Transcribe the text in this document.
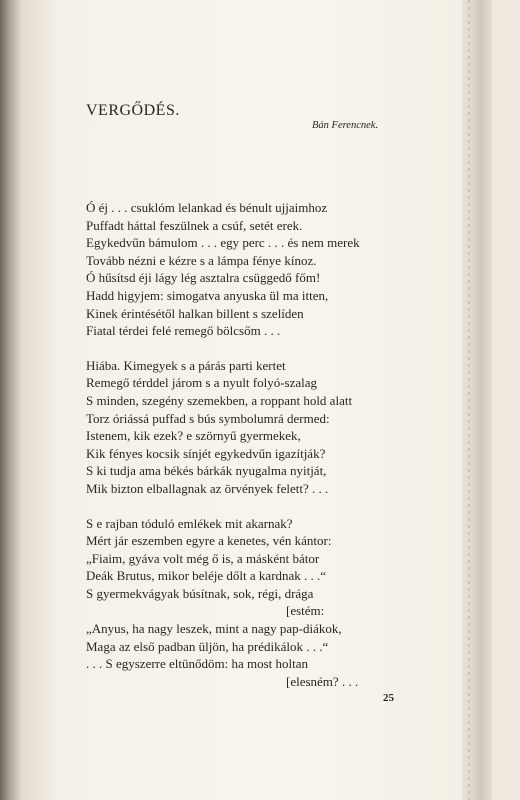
VERGŐDÉS.
Bán Ferencnek.
Ó éj . . . csuklóm lelankad és bénult ujjaimhoz
Puffadt háttal feszülnek a csúf, setét erek.
Egykedvűn bámulom . . . egy perc . . . és nem merek
Tovább nézni e kézre s a lámpa fénye kínoz.
Ó hűsítsd éji lágy lég asztalra csüggedő főm!
Hadd higyjem: simogatva anyuska ül ma itten,
Kinek érintésétől halkan billent s szelíden
Fiatal térdei felé remegő bölcsőm . . .
Hiába. Kimegyek s a párás parti kertet
Remegő térddel járom s a nyult folyó-szalag
S minden, szegény szemekben, a roppant hold alatt
Torz óriássá puffad s bús symbolumrá dermed:
Istenem, kik ezek? e szörnyű gyermekek,
Kik fényes kocsik sínjét egykedvűn igazítják?
S ki tudja ama békés bárkák nyugalma nyitját,
Mik bizton elballagnak az örvények felett? . . .
S e rajban tóduló emlékek mit akarnak?
Mért jár eszemben egyre a kenetes, vén kántor:
„Fiaim, gyáva volt még ő is, a másként bátor
Deák Brutus, mikor beléje dőlt a kardnak . . .“
S gyermekvágyak búsítnak, sok, régi, drága
[estém:
„Anyus, ha nagy leszek, mint a nagy pap-diákok,
Maga az első padban üljön, ha prédikálok . . .“
. . . S egyszerre eltünődöm: ha most holtan
[elesném? . . .
25
